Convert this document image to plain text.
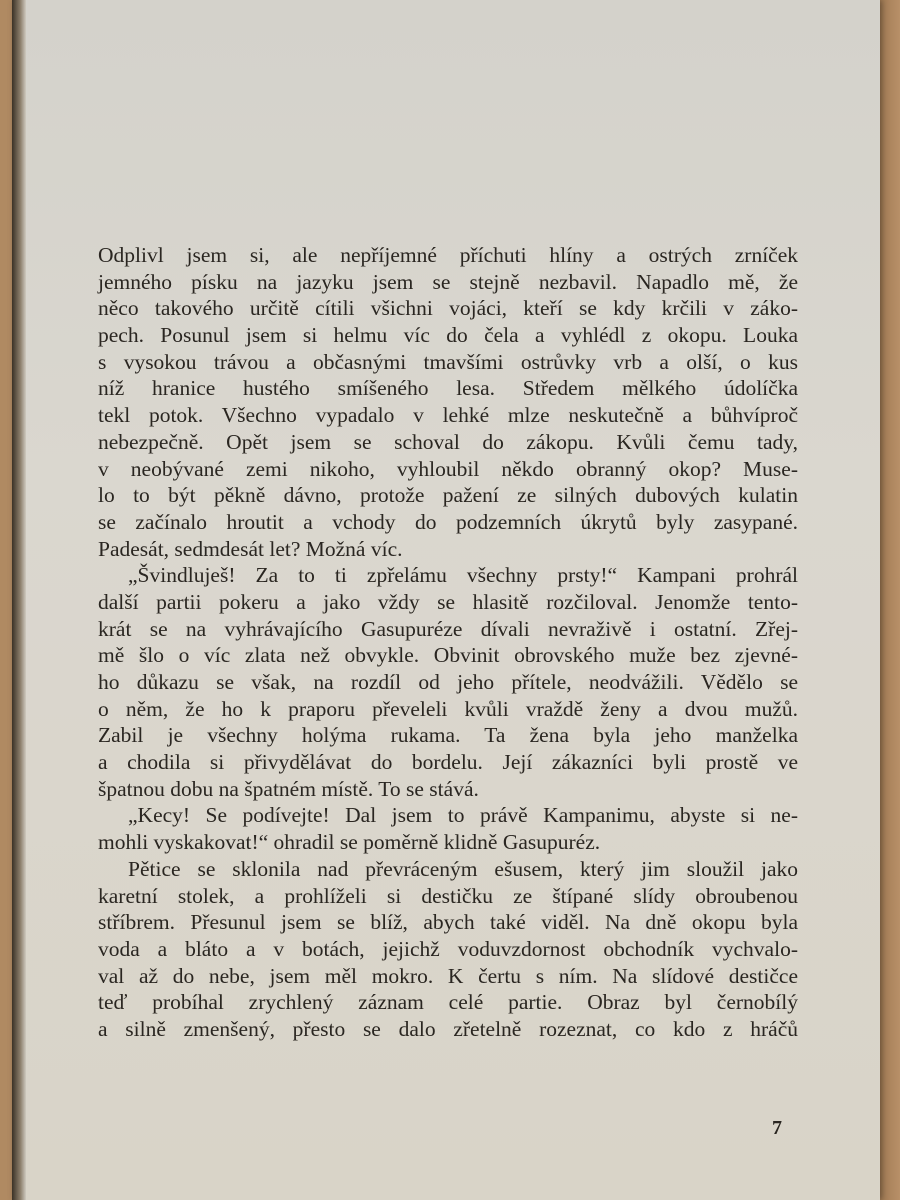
Odplivl jsem si, ale nepříjemné příchuti hlíny a ostrých zrníček
jemného písku na jazyku jsem se stejně nezbavil. Napadlo mě, že
něco takového určitě cítili všichni vojáci, kteří se kdy krčili v záko-
pech. Posunul jsem si helmu víc do čela a vyhlédl z okopu. Louka
s vysokou trávou a občasnými tmavšími ostrůvky vrb a olší, o kus
níž hranice hustého smíšeného lesa. Středem mělkého údolíčka
tekl potok. Všechno vypadalo v lehké mlze neskutečně a bůhvíproč
nebezpečně. Opět jsem se schoval do zákopu. Kvůli čemu tady,
v neobývané zemi nikoho, vyhloubil někdo obranný okop? Muse-
lo to být pěkně dávno, protože pažení ze silných dubových kulatin
se začínalo hroutit a vchody do podzemních úkrytů byly zasypané.
Padesát, sedmdesát let? Možná víc.
„Švindluješ! Za to ti zpřelámu všechny prsty!“ Kampani prohrál
další partii pokeru a jako vždy se hlasitě rozčiloval. Jenomže tento-
krát se na vyhrávajícího Gasupuréze dívali nevraživě i ostatní. Zřej-
mě šlo o víc zlata než obvykle. Obvinit obrovského muže bez zjevné-
ho důkazu se však, na rozdíl od jeho přítele, neodvážili. Vědělo se
o něm, že ho k praporu převeleli kvůli vraždě ženy a dvou mužů.
Zabil je všechny holýma rukama. Ta žena byla jeho manželka
a chodila si přivydělávat do bordelu. Její zákazníci byli prostě ve
špatnou dobu na špatném místě. To se stává.
„Kecy! Se podívejte! Dal jsem to právě Kampanimu, abyste si ne-
mohli vyskakovat!“ ohradil se poměrně klidně Gasupuréz.
Pětice se sklonila nad převráceným ešusem, který jim sloužil jako
karetní stolek, a prohlíželi si destičku ze štípané slídy obroubenou
stříbrem. Přesunul jsem se blíž, abych také viděl. Na dně okopu byla
voda a bláto a v botách, jejichž voduvzdornost obchodník vychvalo-
val až do nebe, jsem měl mokro. K čertu s ním. Na slídové destičce
teď probíhal zrychlený záznam celé partie. Obraz byl černobílý
a silně zmenšený, přesto se dalo zřetelně rozeznat, co kdo z hráčů
7
